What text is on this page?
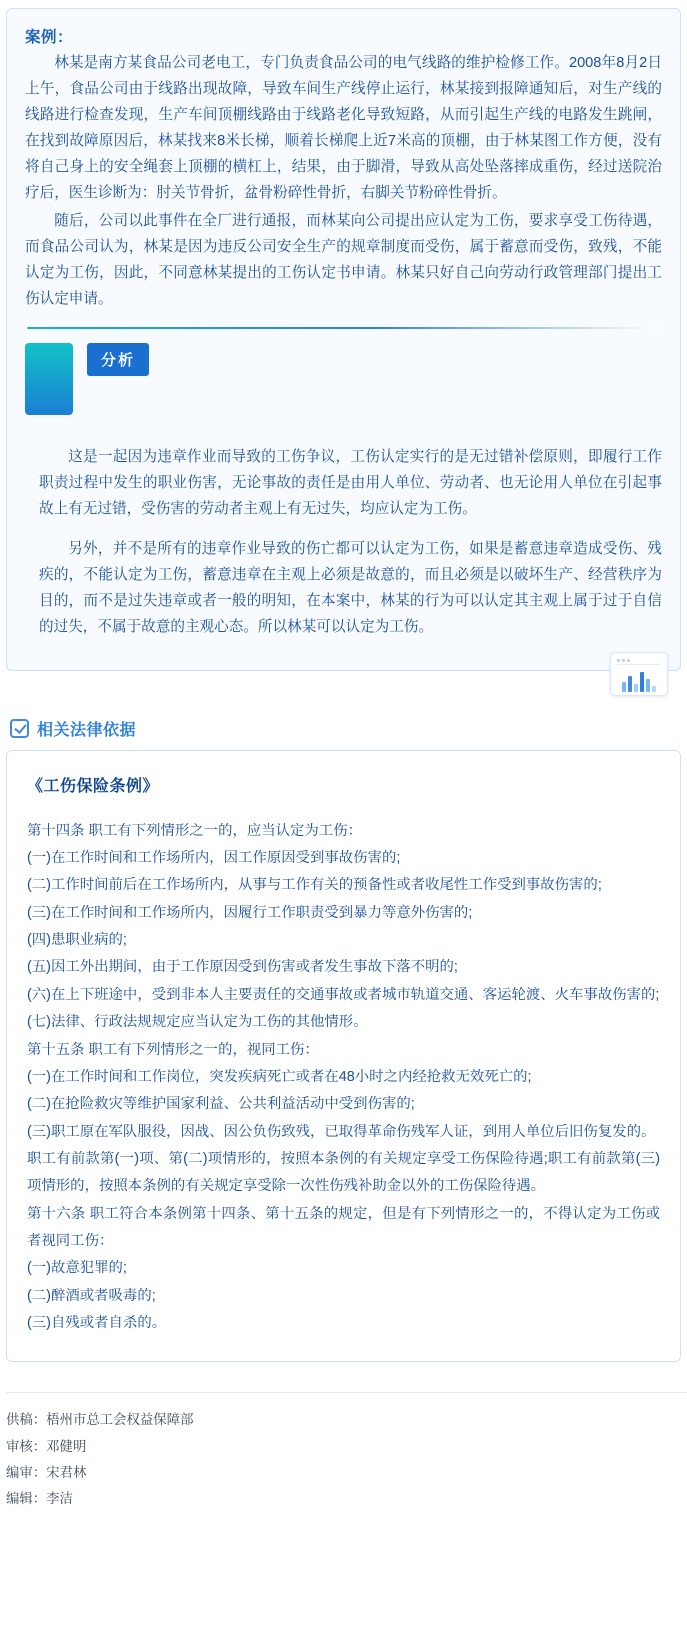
案例：

林某是南方某食品公司老电工，专门负责食品公司的电气线路的维护检修工作。2008年8月2日上午，食品公司由于线路出现故障，导致车间生产线停止运行，林某接到报障通知后，对生产线的线路进行检查发现，生产车间顶棚线路由于线路老化导致短路，从而引起生产线的电路发生跳闸，在找到故障原因后，林某找来8米长梯，顺着长梯爬上近7米高的顶棚，由于林某图工作方便，没有将自己身上的安全绳套上顶棚的横杠上，结果，由于脚滑，导致从高处坠落摔成重伤，经过送院治疗后，医生诊断为：肘关节骨折，盆骨粉碎性骨折，右脚关节粉碎性骨折。

随后，公司以此事件在全厂进行通报，而林某向公司提出应认定为工伤，要求享受工伤待遇，而食品公司认为，林某是因为违反公司安全生产的规章制度而受伤，属于蓄意而受伤，致残，不能认定为工伤，因此，不同意林某提出的工伤认定书申请。林某只好自己向劳动行政管理部门提出工伤认定申请。

分析

这是一起因为违章作业而导致的工伤争议，工伤认定实行的是无过错补偿原则，即履行工作职责过程中发生的职业伤害，无论事故的责任是由用人单位、劳动者、也无论用人单位在引起事故上有无过错，受伤害的劳动者主观上有无过失，均应认定为工伤。

另外，并不是所有的违章作业导致的伤亡都可以认定为工伤，如果是蓄意违章造成受伤、残疾的，不能认定为工伤，蓄意违章在主观上必须是故意的，而且必须是以破坏生产、经营秩序为目的，而不是过失违章或者一般的明知，在本案中，林某的行为可以认定其主观上属于过于自信的过失，不属于故意的主观心态。所以林某可以认定为工伤。

相关法律依据
《工伤保险条例》
第十四条 职工有下列情形之一的，应当认定为工伤：
(一)在工作时间和工作场所内，因工作原因受到事故伤害的;
(二)工作时间前后在工作场所内，从事与工作有关的预备性或者收尾性工作受到事故伤害的;
(三)在工作时间和工作场所内，因履行工作职责受到暴力等意外伤害的;
(四)患职业病的;
(五)因工外出期间，由于工作原因受到伤害或者发生事故下落不明的;
(六)在上下班途中，受到非本人主要责任的交通事故或者城市轨道交通、客运轮渡、火车事故伤害的;
(七)法律、行政法规规定应当认定为工伤的其他情形。
第十五条 职工有下列情形之一的，视同工伤：
(一)在工作时间和工作岗位，突发疾病死亡或者在48小时之内经抢救无效死亡的;
(二)在抢险救灾等维护国家利益、公共利益活动中受到伤害的;
(三)职工原在军队服役，因战、因公负伤致残，已取得革命伤残军人证，到用人单位后旧伤复发的。
职工有前款第(一)项、第(二)项情形的，按照本条例的有关规定享受工伤保险待遇;职工有前款第(三)项情形的，按照本条例的有关规定享受除一次性伤残补助金以外的工伤保险待遇。
第十六条 职工符合本条例第十四条、第十五条的规定，但是有下列情形之一的，不得认定为工伤或者视同工伤：
(一)故意犯罪的;
(二)醉酒或者吸毒的;
(三)自残或者自杀的。
供稿：梧州市总工会权益保障部
审核：邓健明
编审：宋君林
编辑：李洁
